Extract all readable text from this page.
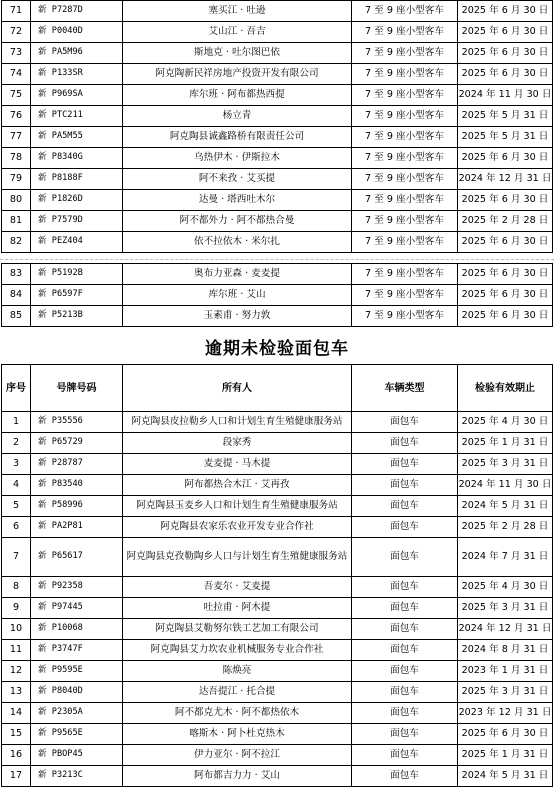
71	新 P7287D	塞买江 · 吐逊	7 至 9 座小型客车	2025 年 6 月 30 日
72	新 P0040D	艾山江 · 吾吉	7 至 9 座小型客车	2025 年 6 月 30 日
73	新 PA5M96	斯地克 · 吐尔图巴依	7 至 9 座小型客车	2025 年 6 月 30 日
74	新 P133SR	阿克陶新民祥房地产投资开发有限公司	7 至 9 座小型客车	2025 年 6 月 30 日
75	新 P969SA	库尔班 · 阿布都热西提	7 至 9 座小型客车	2024 年 11 月 30 日
76	新 PTC211	杨立青	7 至 9 座小型客车	2025 年 5 月 31 日
77	新 PA5M55	阿克陶县诚鑫路桥有限责任公司	7 至 9 座小型客车	2025 年 5 月 31 日
78	新 P8340G	乌热伊木 · 伊斯拉木	7 至 9 座小型客车	2025 年 6 月 30 日
79	新 P8188F	阿不来孜 · 艾买提	7 至 9 座小型客车	2024 年 12 月 31 日
80	新 P1826D	达曼 · 塔西吐木尔	7 至 9 座小型客车	2025 年 6 月 30 日
81	新 P7579D	阿不都外力 · 阿不都热合曼	7 至 9 座小型客车	2025 年 2 月 28 日
82	新 PEZ404	依不拉依木 · 米尔扎	7 至 9 座小型客车	2025 年 6 月 30 日
83	新 P5192B	奥布力亚森 · 麦麦提	7 至 9 座小型客车	2025 年 6 月 30 日
84	新 P6597F	库尔班 · 艾山	7 至 9 座小型客车	2025 年 6 月 30 日
85	新 P5213B	玉素甫 · 努力敦	7 至 9 座小型客车	2025 年 6 月 30 日
逾期未检验面包车
序号	号牌号码	所有人	车辆类型	检验有效期止
1	新 P35556	阿克陶县皮拉勒乡人口和计划生育生殖健康服务站	面包车	2025 年 4 月 30 日
2	新 P65729	段家秀	面包车	2025 年 1 月 31 日
3	新 P28787	麦麦提 · 马木提	面包车	2025 年 3 月 31 日
4	新 P83540	阿布都热合木江 · 艾再孜	面包车	2024 年 11 月 30 日
5	新 P58996	阿克陶县玉麦乡人口和计划生育生殖健康服务站	面包车	2024 年 5 月 31 日
6	新 PA2P81	阿克陶县农家乐农业开发专业合作社	面包车	2025 年 2 月 28 日
7	新 P65617	阿克陶县克孜勒陶乡人口与计划生育生殖健康服务站	面包车	2024 年 7 月 31 日
8	新 P92358	吾麦尔 · 艾麦提	面包车	2025 年 4 月 30 日
9	新 P97445	吐拉甫 · 阿木提	面包车	2025 年 3 月 31 日
10	新 P10068	阿克陶县艾勒努尔铁工艺加工有限公司	面包车	2024 年 12 月 31 日
11	新 P3747F	阿克陶县艾力坎农业机械服务专业合作社	面包车	2024 年 8 月 31 日
12	新 P9595E	陈焕亮	面包车	2023 年 1 月 31 日
13	新 P8040D	达吾提江 · 托合提	面包车	2025 年 3 月 31 日
14	新 P2305A	阿不都克尤木 · 阿不都热依木	面包车	2023 年 12 月 31 日
15	新 P9565E	喀斯木 · 阿卜杜克热木	面包车	2025 年 6 月 30 日
16	新 PBOP45	伊力亚尔 · 阿不拉江	面包车	2025 年 1 月 31 日
17	新 P3213C	阿布都吉力力 · 艾山	面包车	2024 年 5 月 31 日
